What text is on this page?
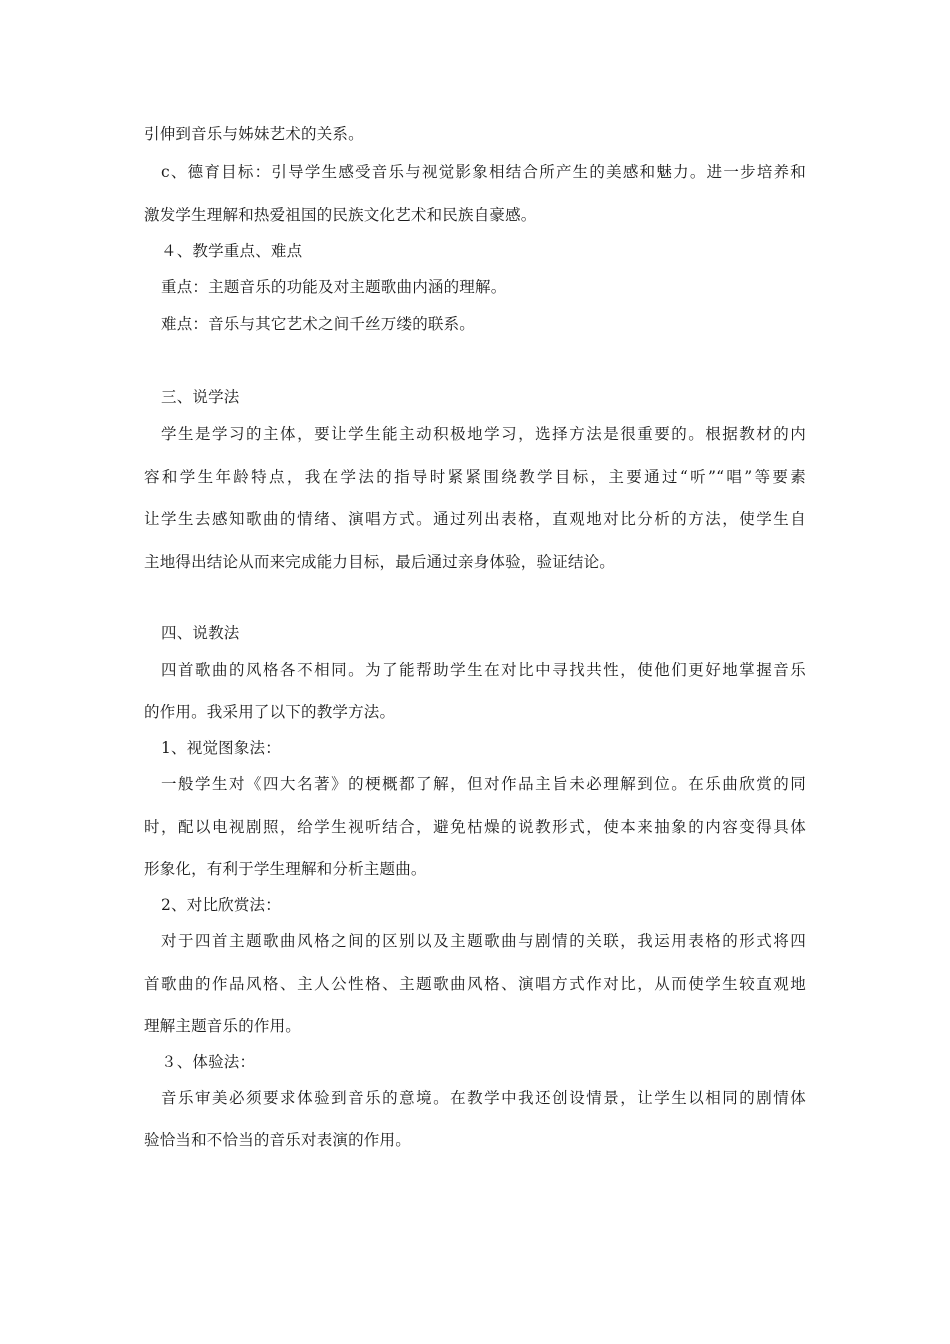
引伸到音乐与姊妹艺术的关系。
c、德育目标：引导学生感受音乐与视觉影象相结合所产生的美感和魅力。进一步培养和
激发学生理解和热爱祖国的民族文化艺术和民族自豪感。
４、教学重点、难点
重点：主题音乐的功能及对主题歌曲内涵的理解。
难点：音乐与其它艺术之间千丝万缕的联系。
三、说学法
学生是学习的主体，要让学生能主动积极地学习，选择方法是很重要的。根据教材的内
容和学生年龄特点，我在学法的指导时紧紧围绕教学目标，主要通过“听”“唱”等要素
让学生去感知歌曲的情绪、演唱方式。通过列出表格，直观地对比分析的方法，使学生自
主地得出结论从而来完成能力目标，最后通过亲身体验，验证结论。
四、说教法
四首歌曲的风格各不相同。为了能帮助学生在对比中寻找共性，使他们更好地掌握音乐
的作用。我采用了以下的教学方法。
1、视觉图象法：
一般学生对《四大名著》的梗概都了解，但对作品主旨未必理解到位。在乐曲欣赏的同
时，配以电视剧照，给学生视听结合，避免枯燥的说教形式，使本来抽象的内容变得具体
形象化，有利于学生理解和分析主题曲。
2、对比欣赏法：
对于四首主题歌曲风格之间的区别以及主题歌曲与剧情的关联，我运用表格的形式将四
首歌曲的作品风格、主人公性格、主题歌曲风格、演唱方式作对比，从而使学生较直观地
理解主题音乐的作用。
３、体验法：
音乐审美必须要求体验到音乐的意境。在教学中我还创设情景，让学生以相同的剧情体
验恰当和不恰当的音乐对表演的作用。
